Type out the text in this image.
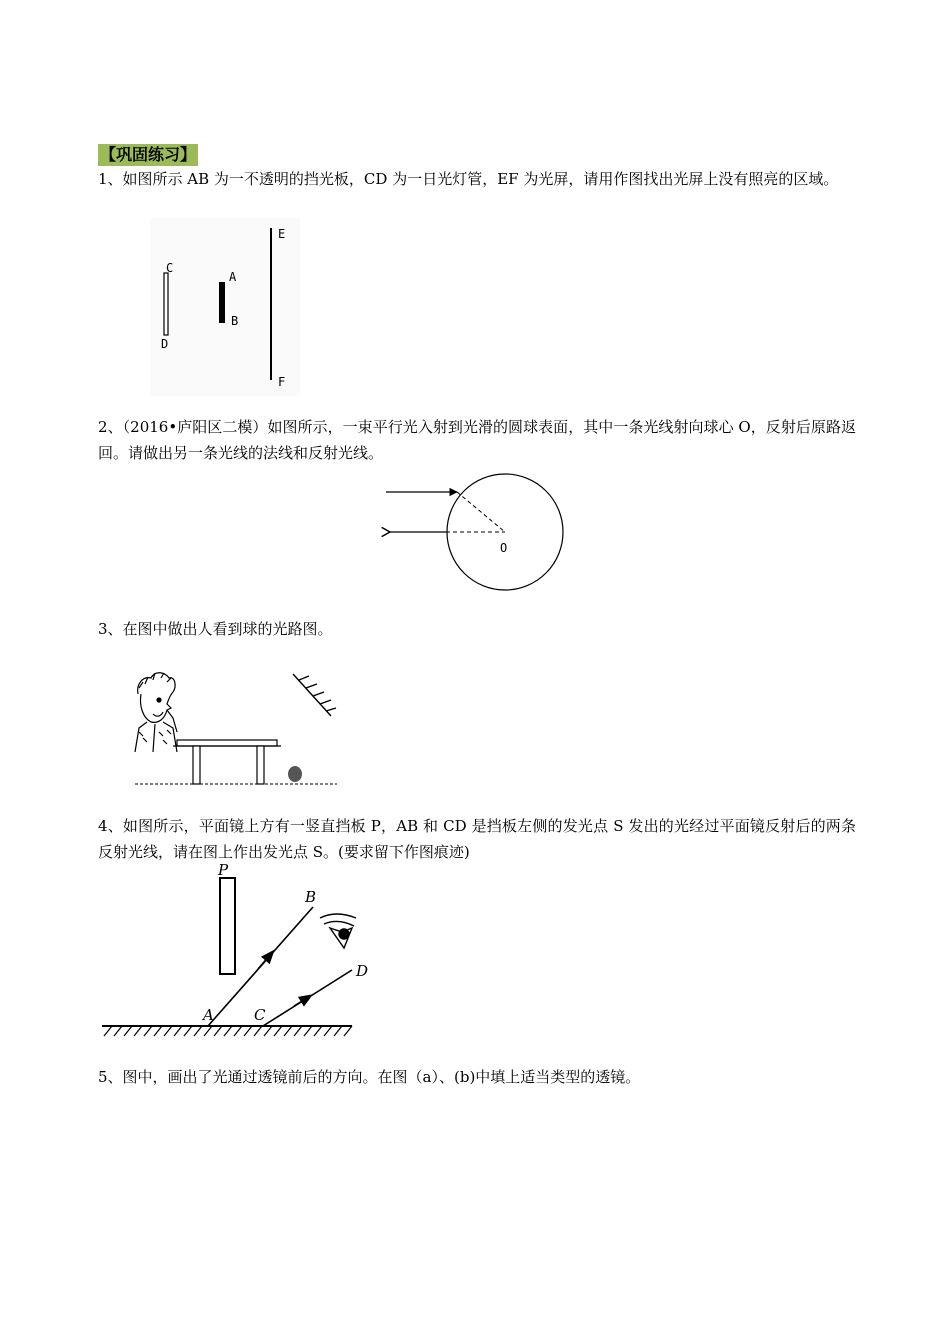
【巩固练习】
1、如图所示 AB 为一不透明的挡光板，CD 为一日光灯管，EF 为光屏，请用作图找出光屏上没有照亮的区域。
C
D
A
B
E
F
2、（2016•庐阳区二模）如图所示，一束平行光入射到光滑的圆球表面，其中一条光线射向球心 O，反射后原路返回。请做出另一条光线的法线和反射光线。
O
3、在图中做出人看到球的光路图。
4、如图所示，平面镜上方有一竖直挡板 P，AB 和 CD 是挡板左侧的发光点 S 发出的光经过平面镜反射后的两条反射光线，请在图上作出发光点 S。(要求留下作图痕迹)
P
B
D
A	C
5、图中，画出了光通过透镜前后的方向。在图（a）、(b)中填上适当类型的透镜。
